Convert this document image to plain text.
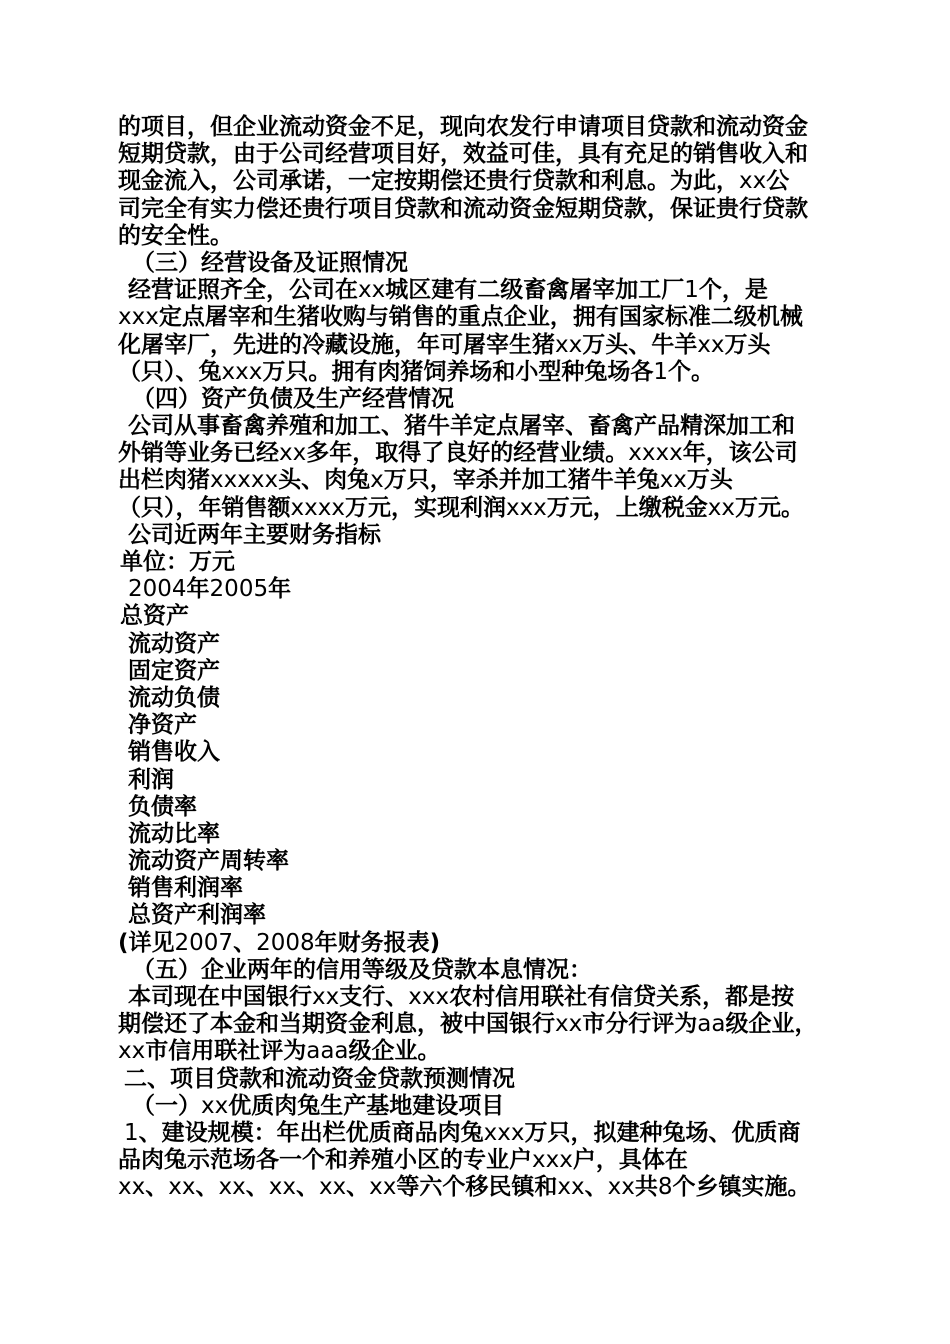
的项目，但企业流动资金不足，现向农发行申请项目贷款和流动资金
短期贷款，由于公司经营项目好，效益可佳，具有充足的销售收入和
现金流入，公司承诺，一定按期偿还贵行贷款和利息。为此，xx公
司完全有实力偿还贵行项目贷款和流动资金短期贷款，保证贵行贷款
的安全性。
（三）经营设备及证照情况
经营证照齐全，公司在xx城区建有二级畜禽屠宰加工厂1个，是
xxx定点屠宰和生猪收购与销售的重点企业，拥有国家标准二级机械
化屠宰厂，先进的冷藏设施，年可屠宰生猪xx万头、牛羊xx万头
（只）、兔xxx万只。拥有肉猪饲养场和小型种兔场各1个。
（四）资产负债及生产经营情况
公司从事畜禽养殖和加工、猪牛羊定点屠宰、畜禽产品精深加工和
外销等业务已经xx多年，取得了良好的经营业绩。xxxx年，该公司
出栏肉猪xxxxx头、肉兔x万只，宰杀并加工猪牛羊兔xx万头
（只），年销售额xxxx万元，实现利润xxx万元，上缴税金xx万元。
公司近两年主要财务指标
单位：万元
2004年2005年
总资产
流动资产
固定资产
流动负债
净资产
销售收入
利润
负债率
流动比率
流动资产周转率
销售利润率
总资产利润率
(详见2007、2008年财务报表)
（五）企业两年的信用等级及贷款本息情况：
本司现在中国银行xx支行、xxx农村信用联社有信贷关系，都是按
期偿还了本金和当期资金利息，被中国银行xx市分行评为aa级企业，
xx市信用联社评为aaa级企业。
二、项目贷款和流动资金贷款预测情况
（一）xx优质肉兔生产基地建设项目
1、建设规模：年出栏优质商品肉兔xxx万只，拟建种兔场、优质商
品肉兔示范场各一个和养殖小区的专业户xxx户，具体在
xx、xx、xx、xx、xx、xx等六个移民镇和xx、xx共8个乡镇实施。
